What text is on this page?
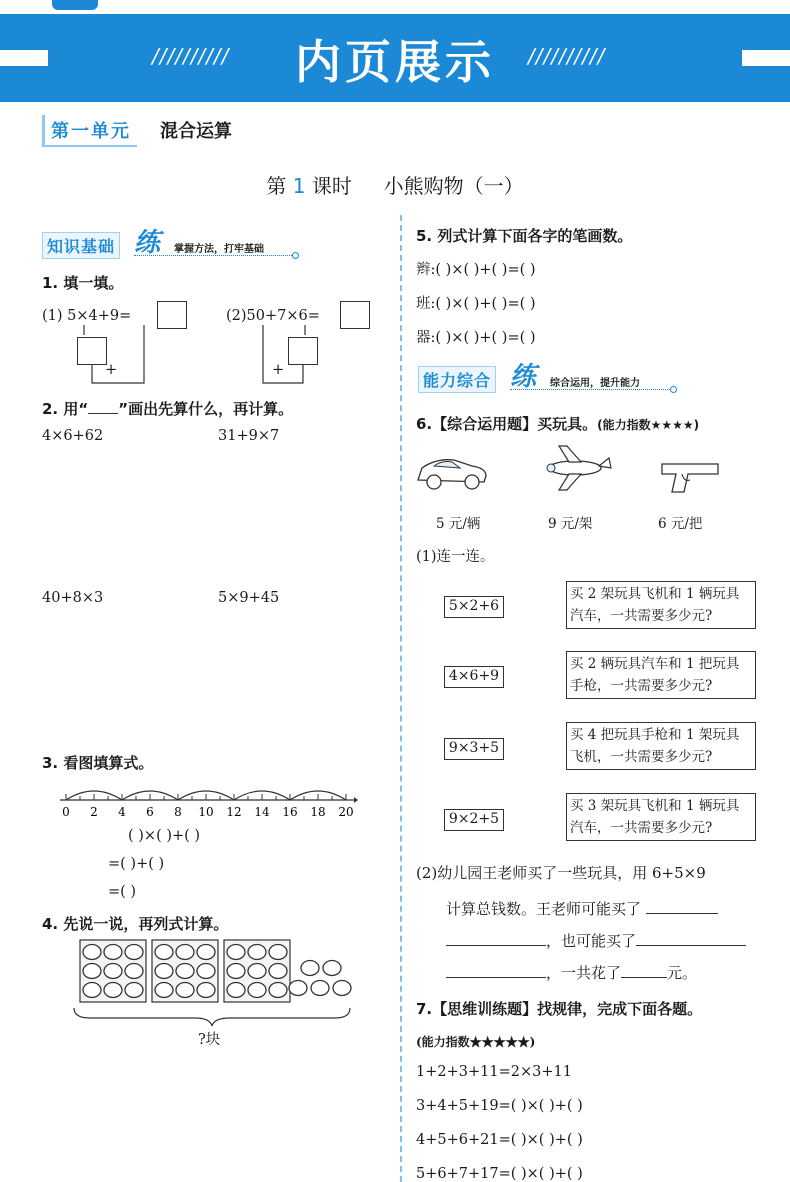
//////////	内页展示	//////////
第一单元	混合运算
第 1 课时 小熊购物（一）
知识基础 练 掌握方法，打牢基础
1. 填一填。
(1) 5×4+9=
+
(2)50+7×6=
+
2. 用“ ”画出先算什么，再计算。
4×6+62	31+9×7
40+8×3	5×9+45
3. 看图填算式。
0 2 4 6 8 10 12 14 16 18 20
( )×( )+( )
=( )+( )
=( )
4. 先说一说，再列式计算。
?块
5. 列式计算下面各字的笔画数。
辫:( )×( )+( )=( )
班:( )×( )+( )=( )
器:( )×( )+( )=( )
能力综合 练 综合运用，提升能力
6.【综合运用题】买玩具。(能力指数★★★★)
5 元/辆	9 元/架	6 元/把
(1)连一连。
5×2+6
4×6+9
9×3+5
9×2+5
买 2 架玩具飞机和 1 辆玩具汽车，一共需要多少元?
买 2 辆玩具汽车和 1 把玩具手枪，一共需要多少元?
买 4 把玩具手枪和 1 架玩具飞机，一共需要多少元?
买 3 架玩具飞机和 1 辆玩具汽车，一共需要多少元?
(2)幼儿园王老师买了一些玩具，用 6+5×9
计算总钱数。王老师可能买了
，也可能买了
，一共花了	元。
7.【思维训练题】找规律，完成下面各题。
(能力指数★★★★★)
1+2+3+11=2×3+11
3+4+5+19=( )×( )+( )
4+5+6+21=( )×( )+( )
5+6+7+17=( )×( )+( )
